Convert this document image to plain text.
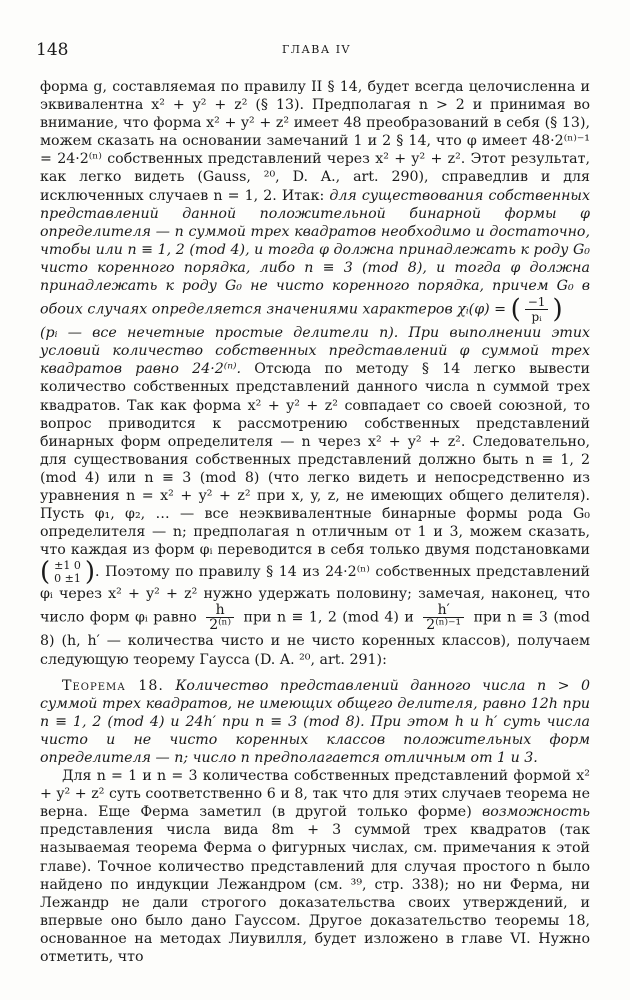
148	ГЛАВА IV

форма g, составляемая по правилу II § 14, будет всегда целочисленна и эквивалентна x² + y² + z² (§ 13). Предполагая n > 2 и принимая во внимание, что форма x² + y² + z² имеет 48 преобразований в себя (§ 13), можем сказать на основании замечаний 1 и 2 § 14, что φ имеет 48·2⁽ⁿ⁾⁻¹ = 24·2⁽ⁿ⁾ собственных представлений через x² + y² + z². Этот результат, как легко видеть (Gauss, ²⁰, D. A., art. 290), справедлив и для исключенных случаев n = 1, 2. Итак: для существования собственных представлений данной положительной бинарной формы φ определителя — n суммой трех квадратов необходимо и достаточно, чтобы или n ≡ 1, 2 (mod 4), и тогда φ должна принадлежать к роду G₀ чисто коренного порядка, либо n ≡ 3 (mod 8), и тогда φ должна принадлежать к роду G₀ не чисто коренного порядка, причем G₀ в обоих случаях определяется значениями характеров χᵢ(φ) = ( $\frac{-1}{\text{pᵢ}}$ )

(pᵢ — все нечетные простые делители n). При выполнении этих условий количество собственных представлений φ суммой трех квадратов равно 24·2⁽ⁿ⁾. Отсюда по методу § 14 легко вывести количество собственных представлений данного числа n суммой трех квадратов. Так как форма x² + y² + z² совпадает со своей союзной, то вопрос приводится к рассмотрению собственных представлений бинарных форм определителя — n через x² + y² + z². Следовательно, для существования собственных представлений должно быть n ≡ 1, 2 (mod 4) или n ≡ 3 (mod 8) (что легко видеть и непосредственно из уравнения n = x² + y² + z² при x, y, z, не имеющих общего делителя). Пусть φ₁, φ₂, … — все неэквивалентные бинарные формы рода G₀ определителя — n; предполагая n отличным от 1 и 3, можем сказать, что каждая из форм φᵢ переводится в себя только двумя подстановками ( ±1 0
0 ±1 ). Поэтому по правилу § 14 из 24·2⁽ⁿ⁾ собственных представлений φᵢ через x² + y² + z² нужно удержать половину; замечая, наконец, что число форм φᵢ равно $\frac{h}{\text{2⁽ⁿ⁾}}$ при n ≡ 1, 2 (mod 4) и $\frac{h'}{\text{2⁽ⁿ⁾⁻¹}}$ при n ≡ 3 (mod 8) (h, h′ — количества чисто и не чисто коренных классов), получаем следующую теорему Гаусса (D. A. ²⁰, art. 291):

Теорема 18. Количество представлений данного числа n > 0 суммой трех квадратов, не имеющих общего делителя, равно 12h при n ≡ 1, 2 (mod 4) и 24h′ при n ≡ 3 (mod 8). При этом h и h′ суть числа чисто и не чисто коренных классов положительных форм определителя — n; число n предполагается отличным от 1 и 3.

Для n = 1 и n = 3 количества собственных представлений формой x² + y² + z² суть соответственно 6 и 8, так что для этих случаев теорема не верна. Еще Ферма заметил (в другой только форме) возможность представления числа вида 8m + 3 суммой трех квадратов (так называемая теорема Ферма о фигурных числах, см. примечания к этой главе). Точное количество представлений для случая простого n было найдено по индукции Лежандром (см. ³⁹, стр. 338); но ни Ферма, ни Лежандр не дали строгого доказательства своих утверждений, и впервые оно было дано Гауссом. Другое доказательство теоремы 18, основанное на методах Лиувилля, будет изложено в главе VI. Нужно отметить, что
